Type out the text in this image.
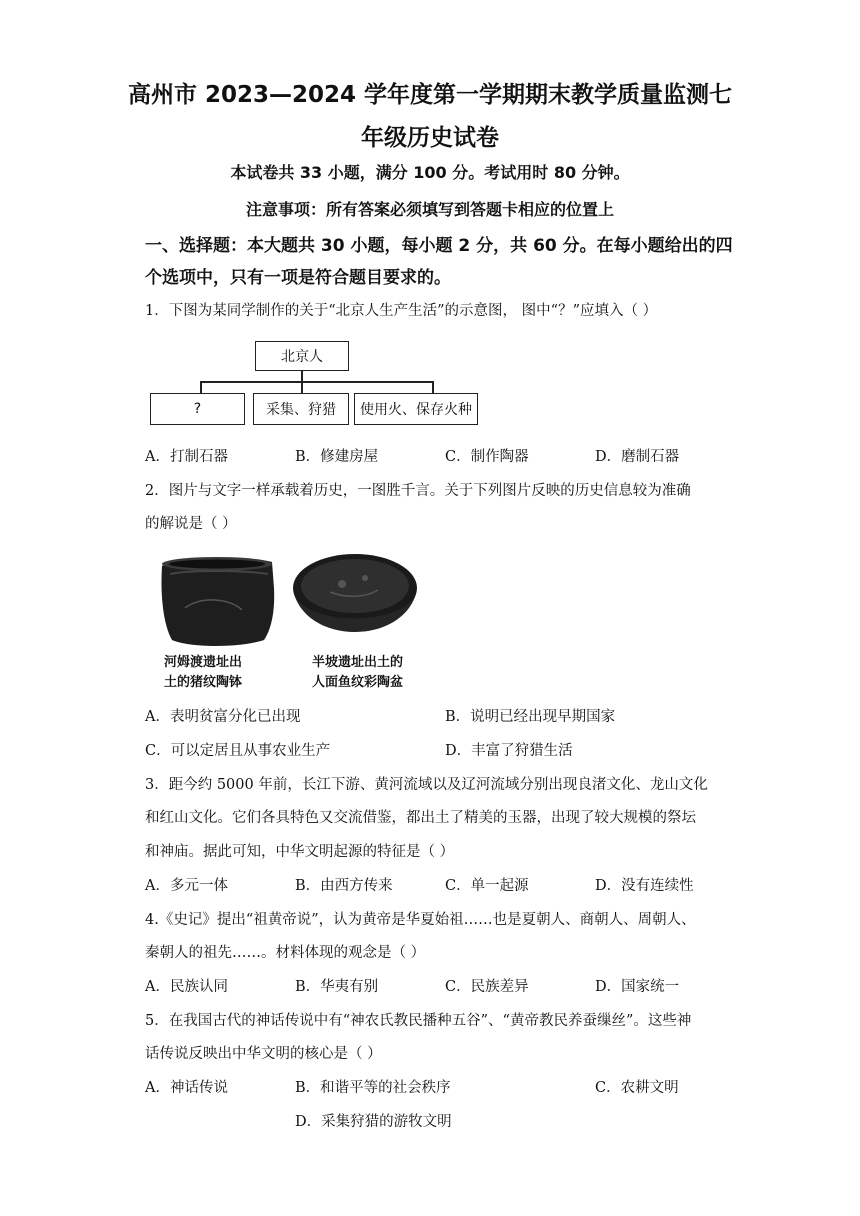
高州市 2023—2024 学年度第一学期期末教学质量监测七
年级历史试卷
本试卷共 33 小题，满分 100 分。考试用时 80 分钟。
注意事项：所有答案必须填写到答题卡相应的位置上
一、选择题：本大题共 30 小题，每小题 2 分，共 60 分。在每小题给出的四
个选项中，只有一项是符合题目要求的。
1．下图为某同学制作的关于“北京人生产生活”的示意图， 图中“？”应填入（ ）
北京人
?	采集、狩猎	使用火、保存火种
A．打制石器	B．修建房屋	C．制作陶器	D．磨制石器
2．图片与文字一样承载着历史，一图胜千言。关于下列图片反映的历史信息较为准确
的解说是（ ）
河姆渡遗址出
土的猪纹陶钵
半坡遗址出土的
人面鱼纹彩陶盆
A．表明贫富分化已出现	B．说明已经出现早期国家
C．可以定居且从事农业生产	D．丰富了狩猎生活
3．距今约 5000 年前，长江下游、黄河流域以及辽河流域分别出现良渚文化、龙山文化
和红山文化。它们各具特色又交流借鉴，都出土了精美的玉器，出现了较大规模的祭坛
和神庙。据此可知，中华文明起源的特征是（ ）
A．多元一体	B．由西方传来	C．单一起源	D．没有连续性
4.《史记》提出“祖黄帝说”，认为黄帝是华夏始祖……也是夏朝人、商朝人、周朝人、
秦朝人的祖先……。材料体现的观念是（ ）
A．民族认同	B．华夷有别	C．民族差异	D．国家统一
5．在我国古代的神话传说中有“神农氏教民播种五谷”、“黄帝教民养蚕缫丝”。这些神
话传说反映出中华文明的核心是（ ）
A．神话传说	B．和谐平等的社会秩序	C．农耕文明
D．采集狩猎的游牧文明
